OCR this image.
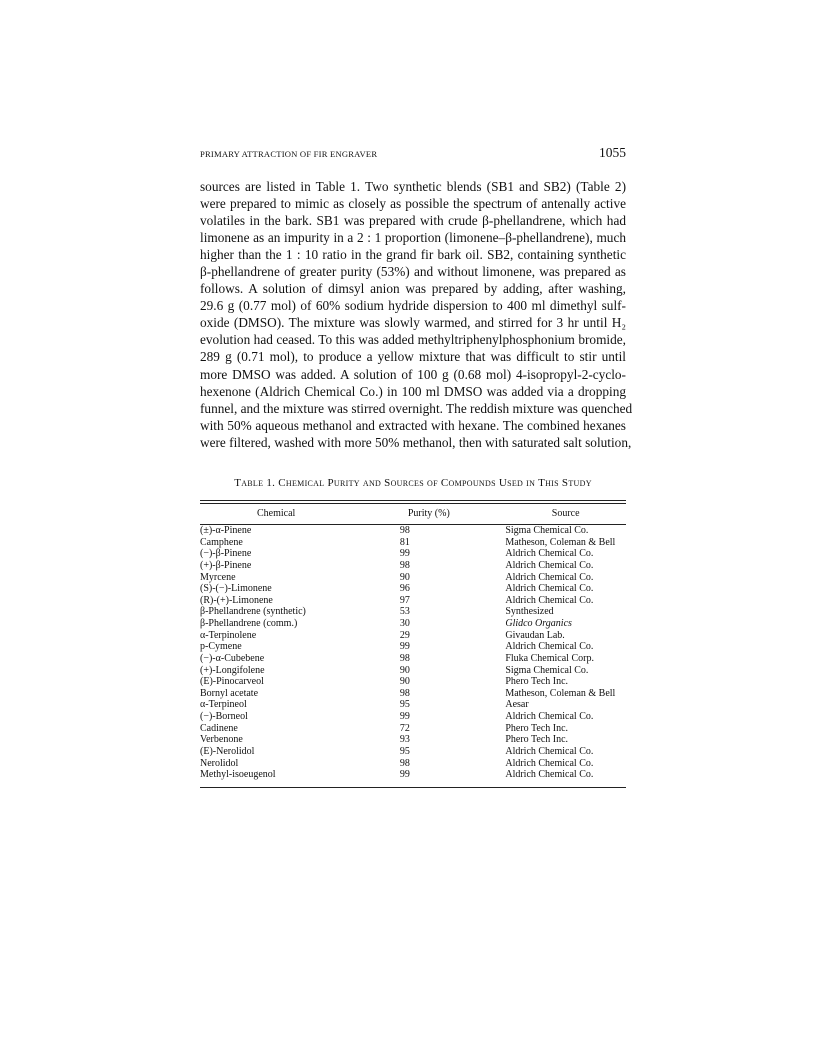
PRIMARY ATTRACTION OF FIR ENGRAVER	1055
sources are listed in Table 1. Two synthetic blends (SB1 and SB2) (Table 2)
were prepared to mimic as closely as possible the spectrum of antenally active
volatiles in the bark. SB1 was prepared with crude β-phellandrene, which had
limonene as an impurity in a 2 : 1 proportion (limonene–β-phellandrene), much
higher than the 1 : 10 ratio in the grand fir bark oil. SB2, containing synthetic
β-phellandrene of greater purity (53%) and without limonene, was prepared as
follows. A solution of dimsyl anion was prepared by adding, after washing,
29.6 g (0.77 mol) of 60% sodium hydride dispersion to 400 ml dimethyl sulf-
oxide (DMSO). The mixture was slowly warmed, and stirred for 3 hr until H₂
evolution had ceased. To this was added methyltriphenylphosphonium bromide,
289 g (0.71 mol), to produce a yellow mixture that was difficult to stir until
more DMSO was added. A solution of 100 g (0.68 mol) 4-isopropyl-2-cyclo-
hexenone (Aldrich Chemical Co.) in 100 ml DMSO was added via a dropping
funnel, and the mixture was stirred overnight. The reddish mixture was quenched
with 50% aqueous methanol and extracted with hexane. The combined hexanes
were filtered, washed with more 50% methanol, then with saturated salt solution,
Table 1. Chemical Purity and Sources of Compounds Used in This Study
Chemical	Purity (%)	Source

(±)-α-Pinene	98	Sigma Chemical Co.
Camphene	81	Matheson, Coleman & Bell
(−)-β-Pinene	99	Aldrich Chemical Co.
(+)-β-Pinene	98	Aldrich Chemical Co.
Myrcene	90	Aldrich Chemical Co.
(S)-(−)-Limonene	96	Aldrich Chemical Co.
(R)-(+)-Limonene	97	Aldrich Chemical Co.
β-Phellandrene (synthetic)	53	Synthesized
β-Phellandrene (comm.)	30	Glidco Organics
α-Terpinolene	29	Givaudan Lab.
p-Cymene	99	Aldrich Chemical Co.
(−)-α-Cubebene	98	Fluka Chemical Corp.
(+)-Longifolene	90	Sigma Chemical Co.
(E)-Pinocarveol	90	Phero Tech Inc.
Bornyl acetate	98	Matheson, Coleman & Bell
α-Terpineol	95	Aesar
(−)-Borneol	99	Aldrich Chemical Co.
Cadinene	72	Phero Tech Inc.
Verbenone	93	Phero Tech Inc.
(E)-Nerolidol	95	Aldrich Chemical Co.
Nerolidol	98	Aldrich Chemical Co.
Methyl-isoeugenol	99	Aldrich Chemical Co.
